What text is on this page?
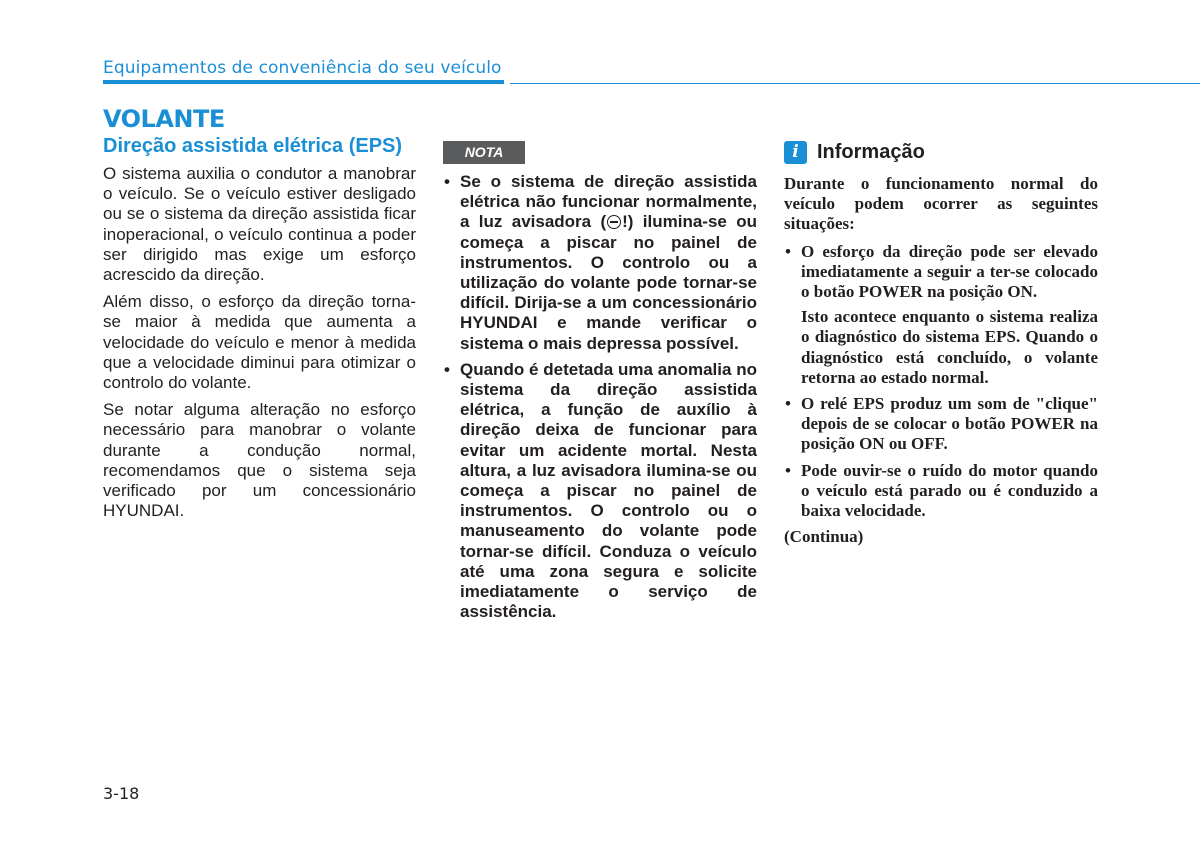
Equipamentos de conveniência do seu veículo
VOLANTE
Direção assistida elétrica (EPS)

O sistema auxilia o condutor a manobrar o veículo. Se o veículo estiver desligado ou se o sistema da direção assistida ficar inoperacional, o veículo continua a poder ser dirigido mas exige um esforço acrescido da direção.

Além disso, o esforço da direção torna-se maior à medida que aumenta a velocidade do veículo e menor à medida que a velocidade diminui para otimizar o controlo do volante.

Se notar alguma alteração no esforço necessário para manobrar o volante durante a condução normal, recomendamos que o sistema seja verificado por um concessionário HYUNDAI.

NOTA
• Se o sistema de direção assistida elétrica não funcionar normalmente, a luz avisadora ( !) ilumina-se ou começa a piscar no painel de instrumentos. O controlo ou a utilização do volante pode tornar-se difícil. Dirija-se a um concessionário HYUNDAI e mande verificar o sistema o mais depressa possível.
• Quando é detetada uma anomalia no sistema da direção assistida elétrica, a função de auxílio à direção deixa de funcionar para evitar um acidente mortal. Nesta altura, a luz avisadora ilumina-se ou começa a piscar no painel de instrumentos. O controlo ou o manuseamento do volante pode tornar-se difícil. Conduza o veículo até uma zona segura e solicite imediatamente o serviço de assistência.
i Informação

Durante o funcionamento normal do veículo podem ocorrer as seguintes situações:

• O esforço da direção pode ser elevado imediatamente a seguir a ter-se colocado o botão POWER na posição ON.
Isto acontece enquanto o sistema realiza o diagnóstico do sistema EPS. Quando o diagnóstico está concluído, o volante retorna ao estado normal.
• O relé EPS produz um som de "clique" depois de se colocar o botão POWER na posição ON ou OFF.
• Pode ouvir-se o ruído do motor quando o veículo está parado ou é conduzido a baixa velocidade.

(Continua)

3-18
